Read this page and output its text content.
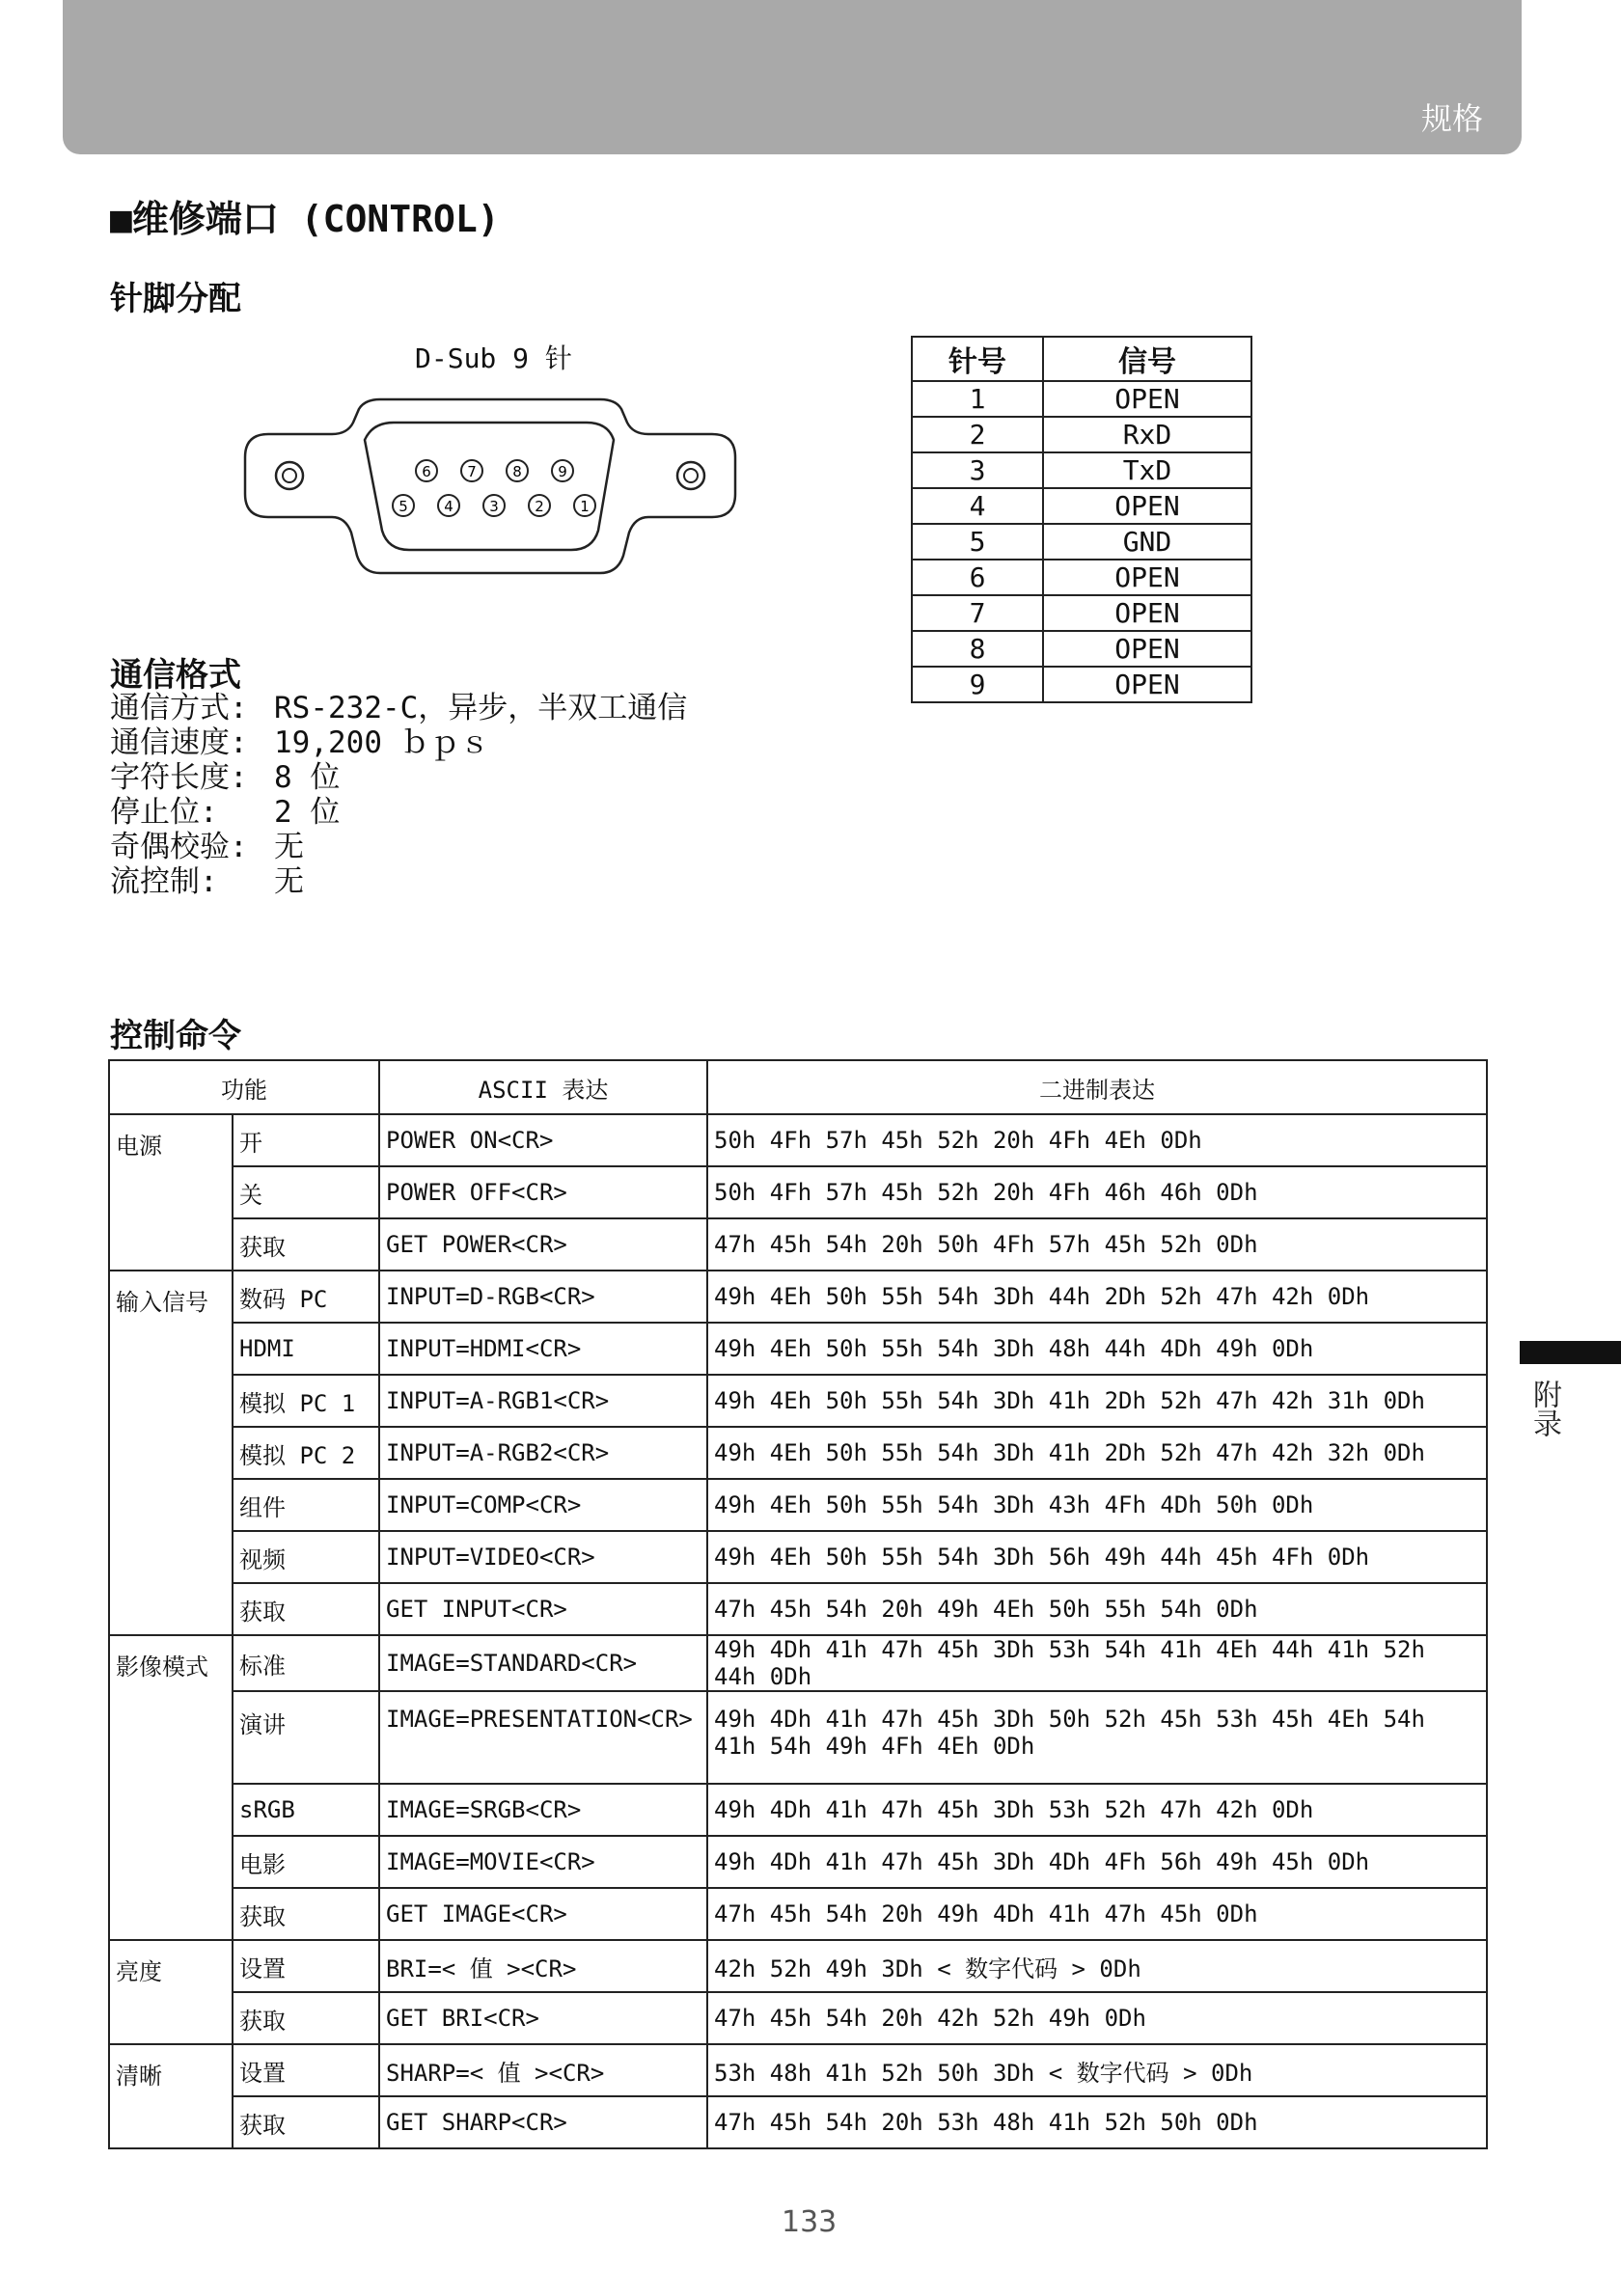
规格
■维修端口 (CONTROL)
针脚分配
D-Sub 9 针
6 7 8 9
5 4 3 2 1
针号	信号
1	OPEN
2	RxD
3	TxD
4	OPEN
5	GND
6	OPEN
7	OPEN
8	OPEN
9	OPEN
通信格式
通信方式: RS-232-C，异步，半双工通信
通信速度: 19,200 ｂｐｓ
字符长度: 8 位
停止位:	2 位
奇偶校验: 无
流控制:	无
控制命令
功能		ASCII 表达	二进制表达
电源	开	POWER ON<CR>	50h 4Fh 57h 45h 52h 20h 4Fh 4Eh 0Dh
	关	POWER OFF<CR>	50h 4Fh 57h 45h 52h 20h 4Fh 46h 46h 0Dh
	获取	GET POWER<CR>	47h 45h 54h 20h 50h 4Fh 57h 45h 52h 0Dh
输入信号	数码 PC	INPUT=D-RGB<CR>	49h 4Eh 50h 55h 54h 3Dh 44h 2Dh 52h 47h 42h 0Dh
	HDMI	INPUT=HDMI<CR>	49h 4Eh 50h 55h 54h 3Dh 48h 44h 4Dh 49h 0Dh
	模拟 PC 1	INPUT=A-RGB1<CR>	49h 4Eh 50h 55h 54h 3Dh 41h 2Dh 52h 47h 42h 31h 0Dh
	模拟 PC 2	INPUT=A-RGB2<CR>	49h 4Eh 50h 55h 54h 3Dh 41h 2Dh 52h 47h 42h 32h 0Dh
	组件	INPUT=COMP<CR>	49h 4Eh 50h 55h 54h 3Dh 43h 4Fh 4Dh 50h 0Dh
	视频	INPUT=VIDEO<CR>	49h 4Eh 50h 55h 54h 3Dh 56h 49h 44h 45h 4Fh 0Dh
	获取	GET INPUT<CR>	47h 45h 54h 20h 49h 4Eh 50h 55h 54h 0Dh
影像模式	标准	IMAGE=STANDARD<CR>	49h 4Dh 41h 47h 45h 3Dh 53h 54h 41h 4Eh 44h 41h 52h 44h 0Dh
	演讲	IMAGE=PRESENTATION<CR>	49h 4Dh 41h 47h 45h 3Dh 50h 52h 45h 53h 45h 4Eh 54h 41h 54h 49h 4Fh 4Eh 0Dh
	sRGB	IMAGE=SRGB<CR>	49h 4Dh 41h 47h 45h 3Dh 53h 52h 47h 42h 0Dh
	电影	IMAGE=MOVIE<CR>	49h 4Dh 41h 47h 45h 3Dh 4Dh 4Fh 56h 49h 45h 0Dh
	获取	GET IMAGE<CR>	47h 45h 54h 20h 49h 4Dh 41h 47h 45h 0Dh
亮度	设置	BRI=< 值 ><CR>	42h 52h 49h 3Dh < 数字代码 > 0Dh
	获取	GET BRI<CR>	47h 45h 54h 20h 42h 52h 49h 0Dh
清晰	设置	SHARP=< 值 ><CR>	53h 48h 41h 52h 50h 3Dh < 数字代码 > 0Dh
	获取	GET SHARP<CR>	47h 45h 54h 20h 53h 48h 41h 52h 50h 0Dh
附录
133
